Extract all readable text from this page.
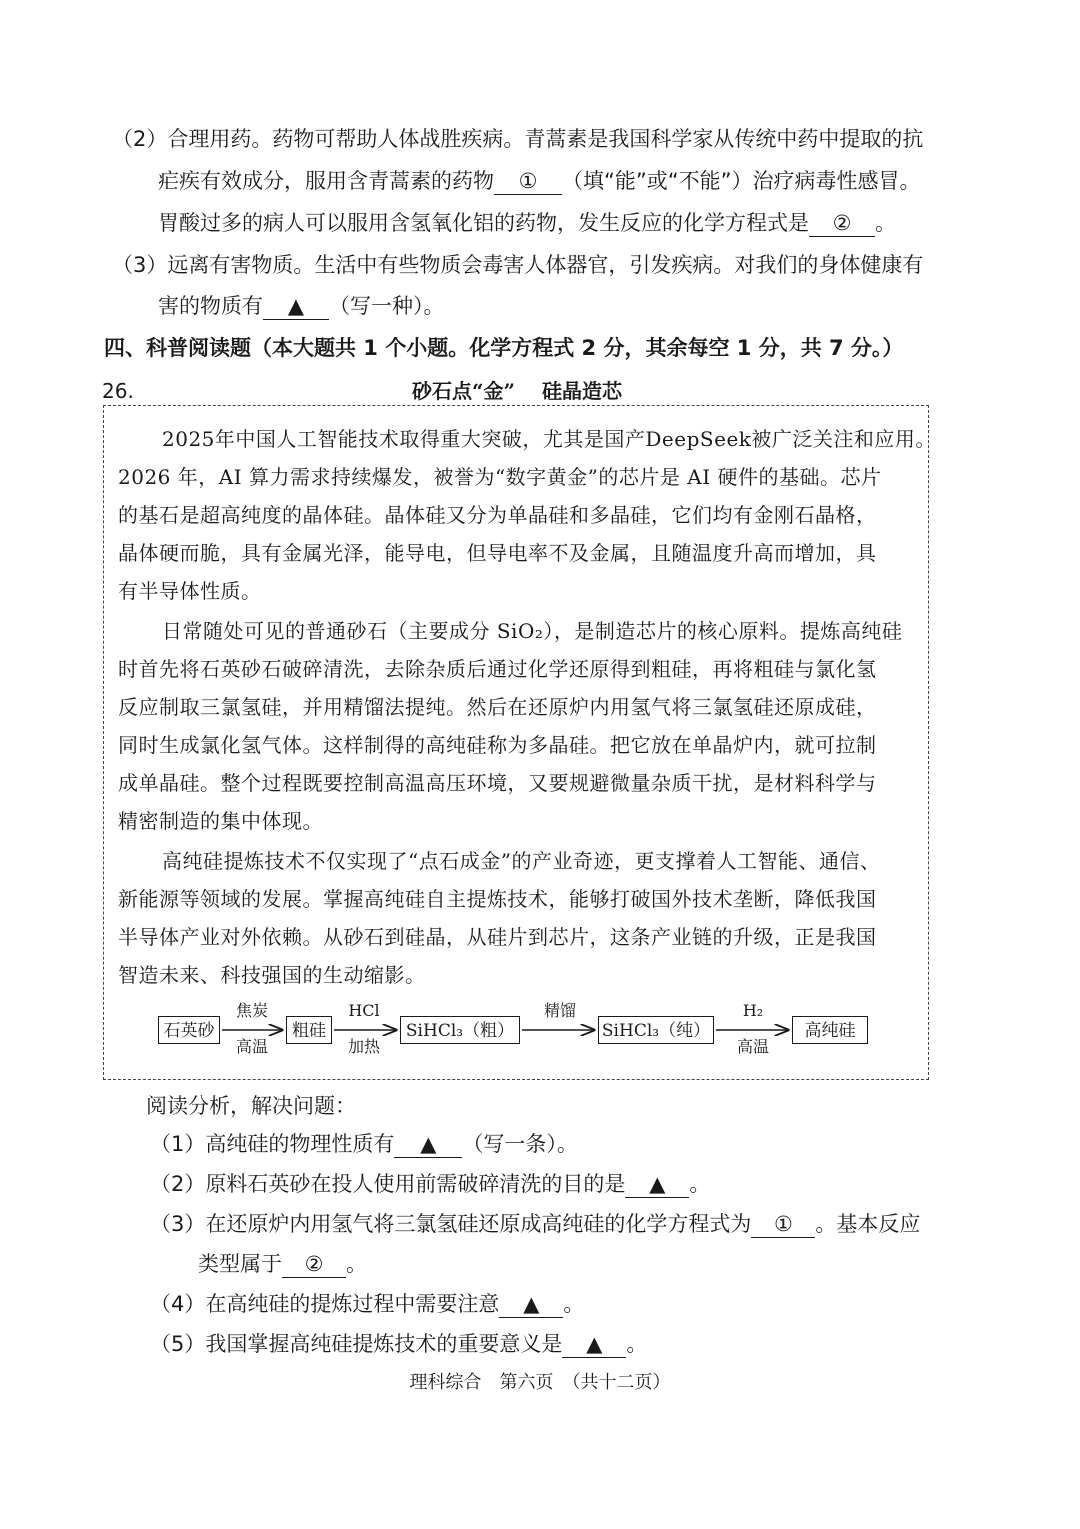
（2）合理用药。药物可帮助人体战胜疾病。青蒿素是我国科学家从传统中药中提取的抗
疟疾有效成分，服用含青蒿素的药物 ① （填“能”或“不能”）治疗病毒性感冒。
胃酸过多的病人可以服用含氢氧化铝的药物，发生反应的化学方程式是 ② 。
（3）远离有害物质。生活中有些物质会毒害人体器官，引发疾病。对我们的身体健康有
害的物质有 ▲ （写一种）。
四、科普阅读题（本大题共 1 个小题。化学方程式 2 分，其余每空 1 分，共 7 分。）
26.	砂石点“金”　 硅晶造芯
2025年中国人工智能技术取得重大突破，尤其是国产DeepSeek被广泛关注和应用。
2026 年，AI 算力需求持续爆发，被誉为“数字黄金”的芯片是 AI 硬件的基础。芯片
的基石是超高纯度的晶体硅。晶体硅又分为单晶硅和多晶硅，它们均有金刚石晶格，
晶体硬而脆，具有金属光泽，能导电，但导电率不及金属，且随温度升高而增加，具
有半导体性质。
日常随处可见的普通砂石（主要成分 SiO₂），是制造芯片的核心原料。提炼高纯硅
时首先将石英砂石破碎清洗，去除杂质后通过化学还原得到粗硅，再将粗硅与氯化氢
反应制取三氯氢硅，并用精馏法提纯。然后在还原炉内用氢气将三氯氢硅还原成硅，
同时生成氯化氢气体。这样制得的高纯硅称为多晶硅。把它放在单晶炉内，就可拉制
成单晶硅。整个过程既要控制高温高压环境，又要规避微量杂质干扰，是材料科学与
精密制造的集中体现。
高纯硅提炼技术不仅实现了“点石成金”的产业奇迹，更支撑着人工智能、通信、
新能源等领域的发展。掌握高纯硅自主提炼技术，能够打破国外技术垄断，降低我国
半导体产业对外依赖。从砂石到硅晶，从硅片到芯片，这条产业链的升级，正是我国
智造未来、科技强国的生动缩影。
石英砂
焦炭
高温
粗硅
HCl
加热
SiHCl₃（粗）
精馏
SiHCl₃（纯）
H₂
高温
高纯硅
阅读分析，解决问题：
（1）高纯硅的物理性质有 ▲ （写一条）。
（2）原料石英砂在投人使用前需破碎清洗的目的是 ▲ 。
（3）在还原炉内用氢气将三氯氢硅还原成高纯硅的化学方程式为 ① 。基本反应
类型属于 ② 。
（4）在高纯硅的提炼过程中需要注意 ▲ 。
（5）我国掌握高纯硅提炼技术的重要意义是 ▲ 。
理科综合　第六页　（共十二页）
